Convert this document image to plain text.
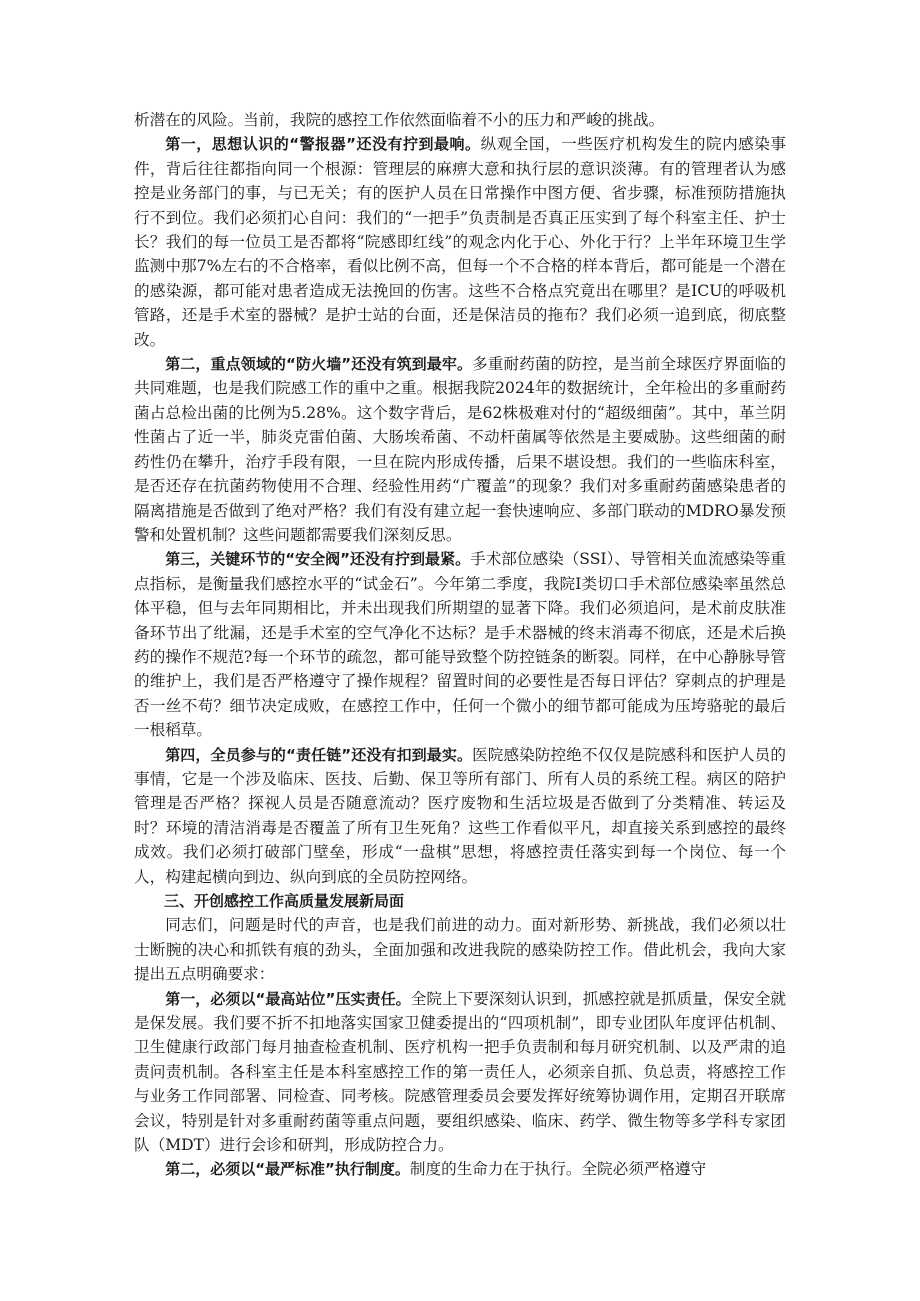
析潜在的风险。当前，我院的感控工作依然面临着不小的压力和严峻的挑战。

第一，思想认识的“警报器”还没有拧到最响。纵观全国，一些医疗机构发生的院内感染事件，背后往往都指向同一个根源：管理层的麻痹大意和执行层的意识淡薄。有的管理者认为感控是业务部门的事，与已无关；有的医护人员在日常操作中图方便、省步骤，标准预防措施执行不到位。我们必须扪心自问：我们的“一把手”负责制是否真正压实到了每个科室主任、护士长？我们的每一位员工是否都将“院感即红线”的观念内化于心、外化于行？上半年环境卫生学监测中那7%左右的不合格率，看似比例不高，但每一个不合格的样本背后，都可能是一个潜在的感染源，都可能对患者造成无法挽回的伤害。这些不合格点究竟出在哪里？是ICU的呼吸机管路，还是手术室的器械？是护士站的台面，还是保洁员的拖布？我们必须一追到底，彻底整改。

第二，重点领域的“防火墙”还没有筑到最牢。多重耐药菌的防控，是当前全球医疗界面临的共同难题，也是我们院感工作的重中之重。根据我院2024年的数据统计，全年检出的多重耐药菌占总检出菌的比例为5.28%。这个数字背后，是62株极难对付的“超级细菌”。其中，革兰阴性菌占了近一半，肺炎克雷伯菌、大肠埃希菌、不动杆菌属等依然是主要威胁。这些细菌的耐药性仍在攀升，治疗手段有限，一旦在院内形成传播，后果不堪设想。我们的一些临床科室，是否还存在抗菌药物使用不合理、经验性用药“广覆盖”的现象？我们对多重耐药菌感染患者的隔离措施是否做到了绝对严格？我们有没有建立起一套快速响应、多部门联动的MDRO暴发预警和处置机制？这些问题都需要我们深刻反思。

第三，关键环节的“安全阀”还没有拧到最紧。手术部位感染（SSI）、导管相关血流感染等重点指标，是衡量我们感控水平的“试金石”。今年第二季度，我院I类切口手术部位感染率虽然总体平稳，但与去年同期相比，并未出现我们所期望的显著下降。我们必须追问，是术前皮肤准备环节出了纰漏，还是手术室的空气净化不达标？是手术器械的终末消毒不彻底，还是术后换药的操作不规范?每一个环节的疏忽，都可能导致整个防控链条的断裂。同样，在中心静脉导管的维护上，我们是否严格遵守了操作规程？留置时间的必要性是否每日评估？穿刺点的护理是否一丝不苟？细节决定成败，在感控工作中，任何一个微小的细节都可能成为压垮骆驼的最后一根稻草。

第四，全员参与的“责任链”还没有扣到最实。医院感染防控绝不仅仅是院感科和医护人员的事情，它是一个涉及临床、医技、后勤、保卫等所有部门、所有人员的系统工程。病区的陪护管理是否严格？探视人员是否随意流动？医疗废物和生活垃圾是否做到了分类精准、转运及时？环境的清洁消毒是否覆盖了所有卫生死角？这些工作看似平凡，却直接关系到感控的最终成效。我们必须打破部门壁垒，形成“一盘棋”思想，将感控责任落实到每一个岗位、每一个人，构建起横向到边、纵向到底的全员防控网络。

三、开创感控工作高质量发展新局面

同志们，问题是时代的声音，也是我们前进的动力。面对新形势、新挑战，我们必须以壮士断腕的决心和抓铁有痕的劲头，全面加强和改进我院的感染防控工作。借此机会，我向大家提出五点明确要求：

第一，必须以“最高站位”压实责任。全院上下要深刻认识到，抓感控就是抓质量，保安全就是保发展。我们要不折不扣地落实国家卫健委提出的“四项机制”，即专业团队年度评估机制、卫生健康行政部门每月抽查检查机制、医疗机构一把手负责制和每月研究机制、以及严肃的追责问责机制。各科室主任是本科室感控工作的第一责任人，必须亲自抓、负总责，将感控工作与业务工作同部署、同检查、同考核。院感管理委员会要发挥好统筹协调作用，定期召开联席会议，特别是针对多重耐药菌等重点问题，要组织感染、临床、药学、微生物等多学科专家团队（MDT）进行会诊和研判，形成防控合力。

第二，必须以“最严标准”执行制度。制度的生命力在于执行。全院必须严格遵守
